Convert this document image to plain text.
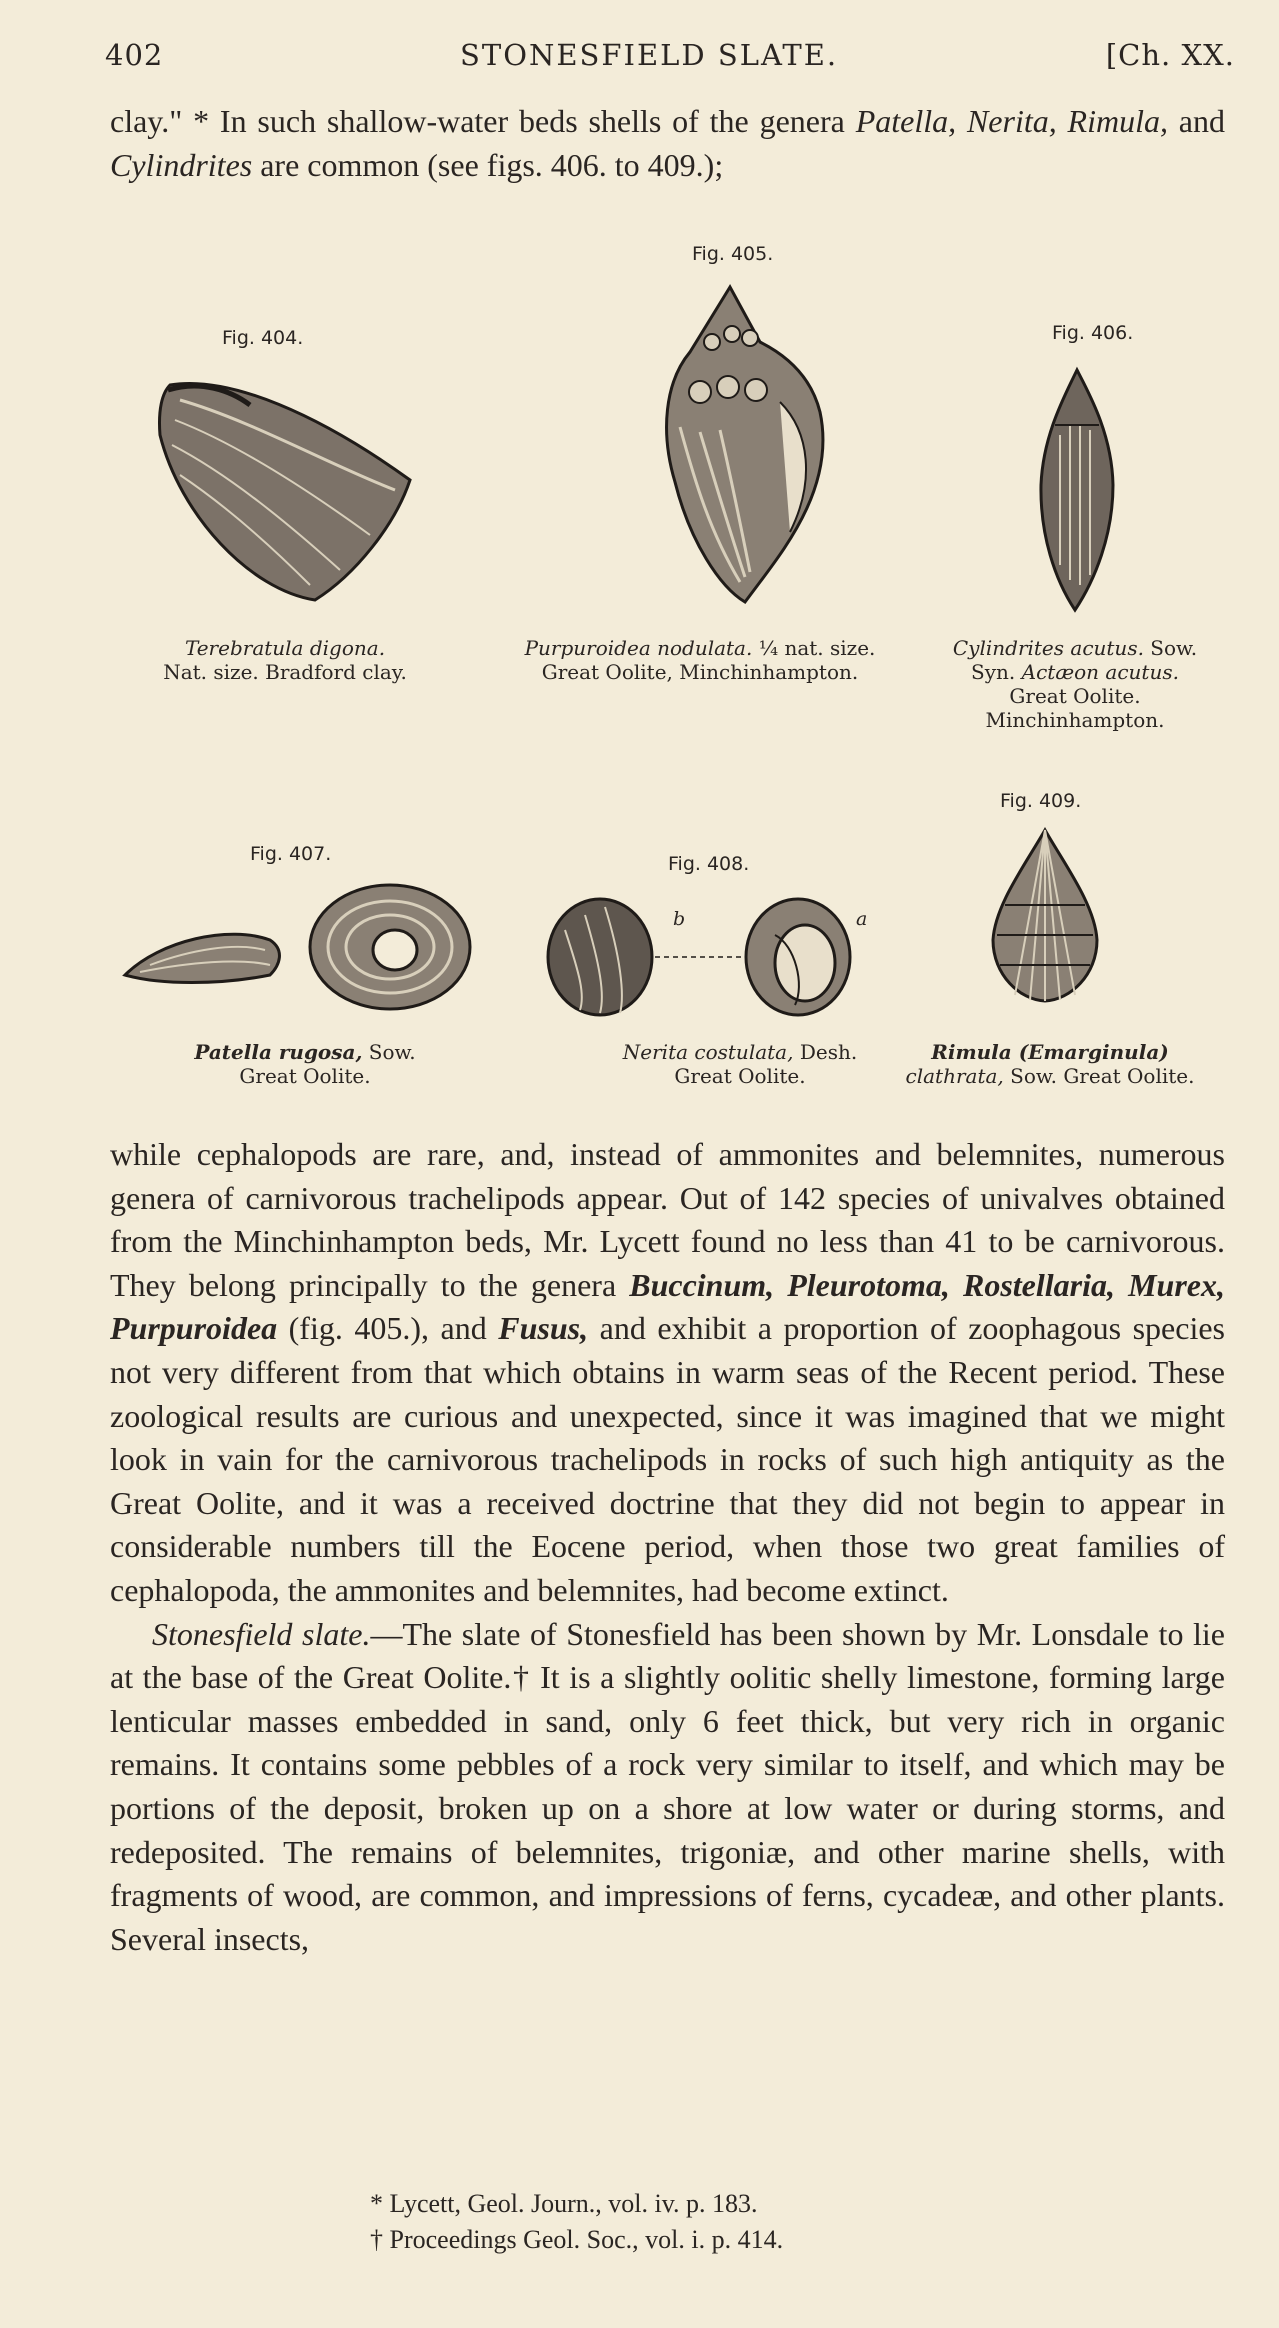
402	STONESFIELD SLATE.	[Ch. XX.

clay." * In such shallow-water beds shells of the genera Patella, Nerita, Rimula, and Cylindrites are common (see figs. 406. to 409.);

Fig. 404.
Terebratula digona.
Nat. size. Bradford clay.
Fig. 405.
Purpuroidea nodulata. ¼ nat. size.
Great Oolite, Minchinhampton.
Fig. 406.
Cylindrites acutus. Sow.
Syn. Actæon acutus.
Great Oolite.
Minchinhampton.
Fig. 407.
Patella rugosa, Sow.
Great Oolite.
Fig. 408.
b	a
Nerita costulata, Desh.
Great Oolite.
Fig. 409.
Rimula (Emarginula)
clathrata, Sow. Great Oolite.

while cephalopods are rare, and, instead of ammonites and belemnites, numerous genera of carnivorous trachelipods appear. Out of 142 species of univalves obtained from the Minchinhampton beds, Mr. Lycett found no less than 41 to be carnivorous. They belong principally to the genera Buccinum, Pleurotoma, Rostellaria, Murex, Purpuroidea (fig. 405.), and Fusus, and exhibit a proportion of zoophagous species not very different from that which obtains in warm seas of the Recent period. These zoological results are curious and unexpected, since it was imagined that we might look in vain for the carnivorous trachelipods in rocks of such high antiquity as the Great Oolite, and it was a received doctrine that they did not begin to appear in considerable numbers till the Eocene period, when those two great families of cephalopoda, the ammonites and belemnites, had become extinct.

Stonesfield slate.—The slate of Stonesfield has been shown by Mr. Lonsdale to lie at the base of the Great Oolite.† It is a slightly oolitic shelly limestone, forming large lenticular masses embedded in sand, only 6 feet thick, but very rich in organic remains. It contains some pebbles of a rock very similar to itself, and which may be portions of the deposit, broken up on a shore at low water or during storms, and redeposited. The remains of belemnites, trigoniæ, and other marine shells, with fragments of wood, are common, and impressions of ferns, cycadeæ, and other plants. Several insects,

* Lycett, Geol. Journ., vol. iv. p. 183.
† Proceedings Geol. Soc., vol. i. p. 414.
